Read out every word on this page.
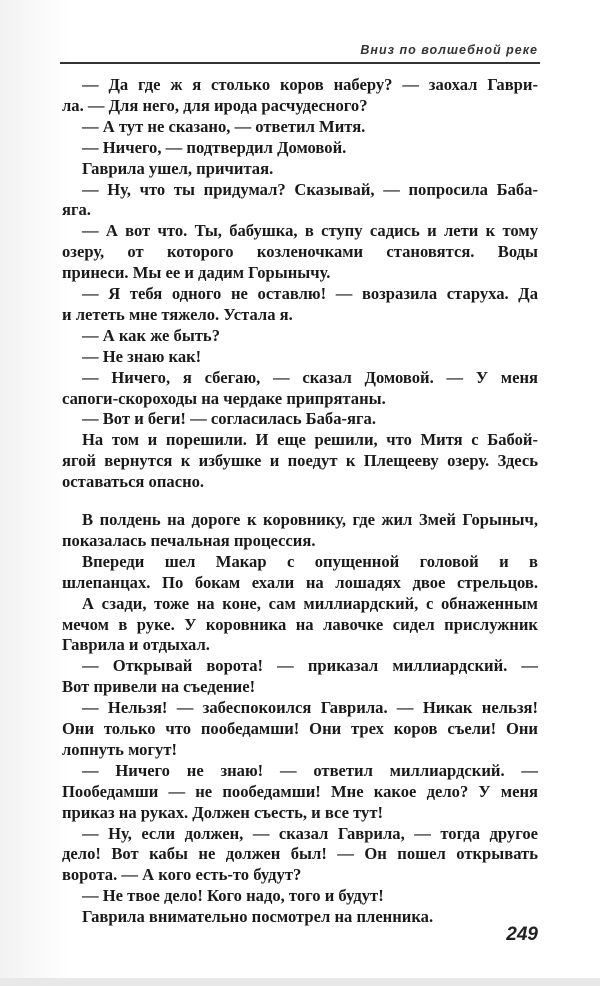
Вниз по волшебной реке
— Да где ж я столько коров наберу? — заохал Гаври-
ла. — Для него, для ирода расчудесного?
— А тут не сказано, — ответил Митя.
— Ничего, — подтвердил Домовой.
Гаврила ушел, причитая.
— Ну, что ты придумал? Сказывай, — попросила Баба-
яга.
— А вот что. Ты, бабушка, в ступу садись и лети к тому
озеру, от которого козленочками становятся. Воды
принеси. Мы ее и дадим Горынычу.
— Я тебя одного не оставлю! — возразила старуха. Да
и лететь мне тяжело. Устала я.
— А как же быть?
— Не знаю как!
— Ничего, я сбегаю, — сказал Домовой. — У меня
сапоги-скороходы на чердаке припрятаны.
— Вот и беги! — согласилась Баба-яга.
На том и порешили. И еще решили, что Митя с Бабой-
ягой вернутся к избушке и поедут к Плещееву озеру. Здесь
оставаться опасно.
В полдень на дороге к коровнику, где жил Змей Горыныч,
показалась печальная процессия.
Впереди шел Макар с опущенной головой и в
шлепанцах. По бокам ехали на лошадях двое стрельцов.
А сзади, тоже на коне, сам миллиардский, с обнаженным
мечом в руке. У коровника на лавочке сидел прислужник
Гаврила и отдыхал.
— Открывай ворота! — приказал миллиардский. —
Вот привели на съедение!
— Нельзя! — забеспокоился Гаврила. — Никак нельзя!
Они только что пообедамши! Они трех коров съели! Они
лопнуть могут!
— Ничего не знаю! — ответил миллиардский. —
Пообедамши — не пообедамши! Мне какое дело? У меня
приказ на руках. Должен съесть, и все тут!
— Ну, если должен, — сказал Гаврила, — тогда другое
дело! Вот кабы не должен был! — Он пошел открывать
ворота. — А кого есть-то будут?
— Не твое дело! Кого надо, того и будут!
Гаврила внимательно посмотрел на пленника.
249
